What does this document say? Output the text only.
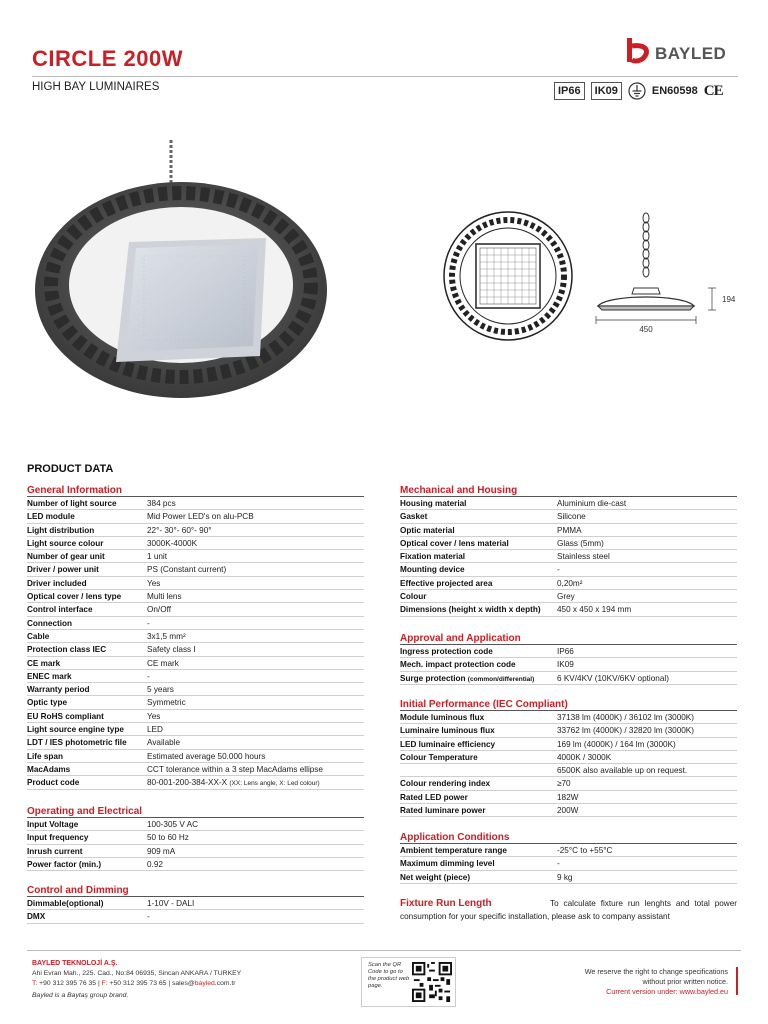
CIRCLE 200W
HIGH BAY LUMINAIRES
BAYLED
IP66	IK09	EN60598 CE
450
194
PRODUCT DATA
General Information
Number of light source	384 pcs
LED module	Mid Power LED's on alu-PCB
Light distribution	22°- 30°- 60°- 90°
Light source colour	3000K-4000K
Number of gear unit	1 unit
Driver / power unit	PS (Constant current)
Driver included	Yes
Optical cover / lens type	Multi lens
Control interface	On/Off
Connection	-
Cable	3x1,5 mm²
Protection class IEC	Safety class I
CE mark	CE mark
ENEC mark	-
Warranty period	5 years
Optic type	Symmetric
EU RoHS compliant	Yes
Light source engine type	LED
LDT / IES photometric file	Available
Life span	Estimated average 50.000 hours
MacAdams	CCT tolerance within a 3 step MacAdams ellipse
Product code	80-001-200-384-XX-X (XX: Lens angle, X: Led colour)
Operating and Electrical
Input Voltage	100-305 V AC
Input frequency	50 to 60 Hz
Inrush current	909 mA
Power factor (min.)	0.92
Control and Dimming
Dimmable(optional)	1-10V - DALI
DMX	-
Mechanical and Housing
Housing material	Aluminium die-cast
Gasket	Silicone
Optic material	PMMA
Optical cover / lens material	Glass (5mm)
Fixation material	Stainless steel
Mounting device	-
Effective projected area	0,20m²
Colour	Grey
Dimensions (height x width x depth)	450 x 450 x 194 mm
Approval and Application
Ingress protection code	IP66
Mech. impact protection code	IK09
Surge protection (common/differential)	6 KV/4KV (10KV/6KV optional)
Initial Performance (IEC Compliant)
Module luminous flux	37138 lm (4000K) / 36102 lm (3000K)
Luminaire luminous flux	33762 lm (4000K) / 32820 lm (3000K)
LED luminaire efficiency	169 lm (4000K) / 164 lm (3000K)
Colour Temperature	4000K / 3000K
6500K also available up on request.
Colour rendering index	≥70
Rated LED power	182W
Rated luminare power	200W
Application Conditions
Ambient temperature range	-25°C to +55°C
Maximum dimming level	-
Net weight (piece)	9 kg
Fixture Run Length	To calculate fixture run lenghts and total power consumption for your specific installation, please ask to company assistant
BAYLED TEKNOLOJİ A.Ş.
Ahi Evran Mah., 225. Cad., No:84 06935, Sincan ANKARA / TURKEY
T: +90 312 395 76 35 | F: +50 312 395 73 65 | sales@bayled.com.tr
Bayled is a Baytaş group brand.
Scan the QR Code to go to the product web page.
We reserve the right to change specifications
without prior written notice.
Current version under: www.bayled.eu
